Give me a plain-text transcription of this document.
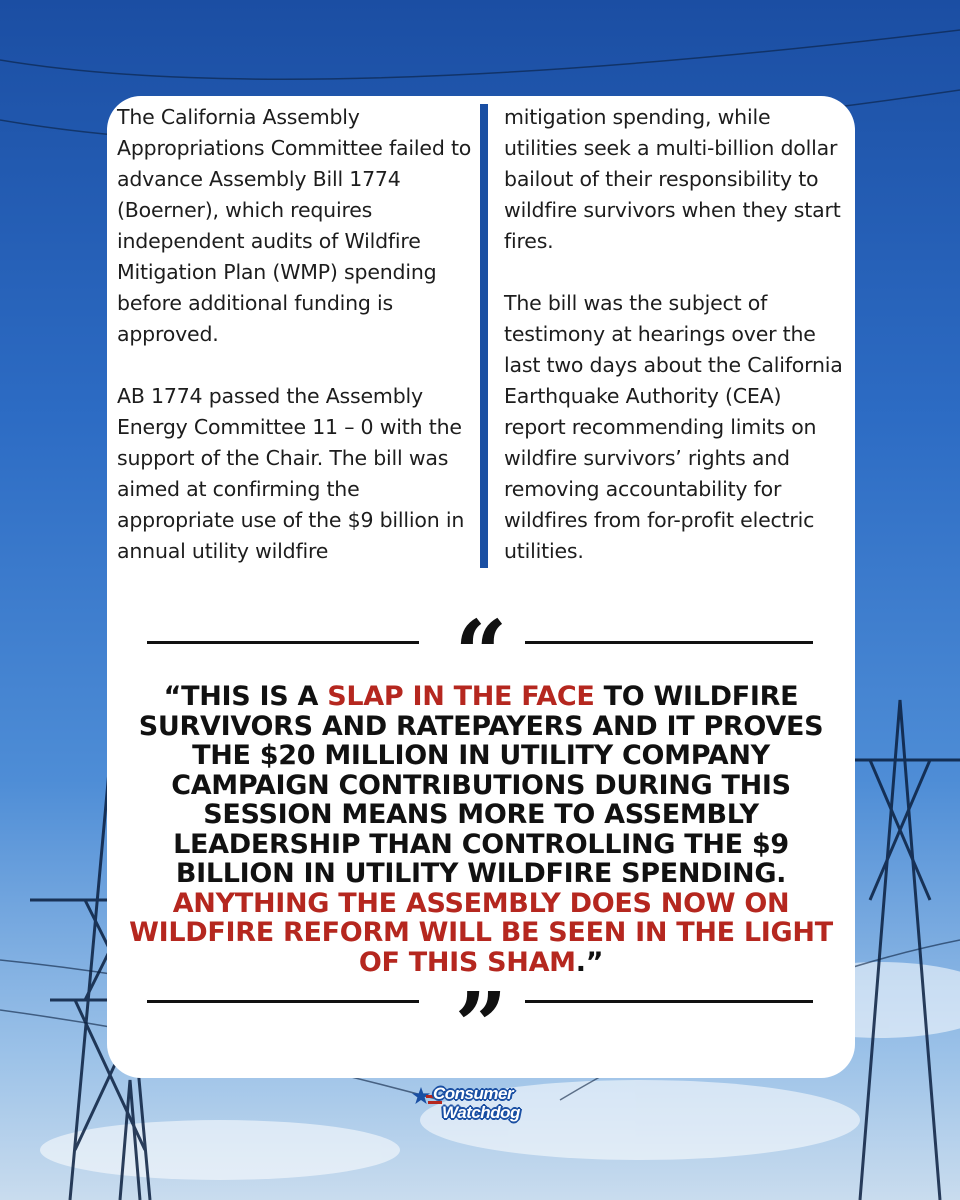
The California Assembly Appropriations Committee failed to advance Assembly Bill 1774 (Boerner), which requires independent audits of Wildfire Mitigation Plan (WMP) spending before additional funding is approved.

AB 1774 passed the Assembly Energy Committee 11 – 0 with the support of the Chair. The bill was aimed at confirming the appropriate use of the $9 billion in annual utility wildfire

mitigation spending, while utilities seek a multi-billion dollar bailout of their responsibility to wildfire survivors when they start fires.

The bill was the subject of testimony at hearings over the last two days about the California Earthquake Authority (CEA) report recommending limits on wildfire survivors’ rights and removing accountability for wildfires from for-profit electric utilities.

“
“THIS IS A SLAP IN THE FACE TO WILDFIRE SURVIVORS AND RATEPAYERS AND IT PROVES THE $20 MILLION IN UTILITY COMPANY CAMPAIGN CONTRIBUTIONS DURING THIS SESSION MEANS MORE TO ASSEMBLY LEADERSHIP THAN CONTROLLING THE $9 BILLION IN UTILITY WILDFIRE SPENDING. ANYTHING THE ASSEMBLY DOES NOW ON WILDFIRE REFORM WILL BE SEEN IN THE LIGHT OF THIS SHAM.”
”
Consumer
Watchdog
